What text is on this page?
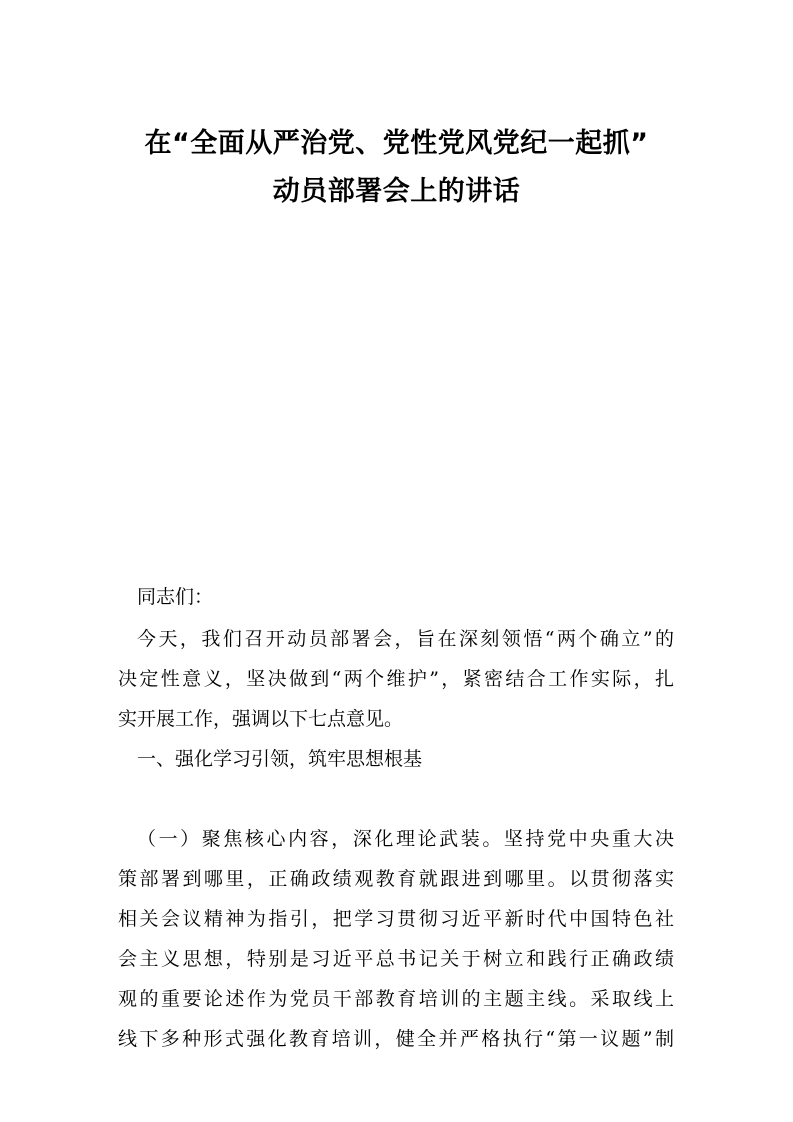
在“全面从严治党、党性党风党纪一起抓”
动员部署会上的讲话

同志们：

今天，我们召开动员部署会，旨在深刻领悟“两个确立”的
决定性意义，坚决做到“两个维护”，紧密结合工作实际，扎
实开展工作，强调以下七点意见。

一、强化学习引领，筑牢思想根基

（一）聚焦核心内容，深化理论武装。坚持党中央重大决
策部署到哪里，正确政绩观教育就跟进到哪里。以贯彻落实
相关会议精神为指引，把学习贯彻习近平新时代中国特色社
会主义思想，特别是习近平总书记关于树立和践行正确政绩
观的重要论述作为党员干部教育培训的主题主线。采取线上
线下多种形式强化教育培训，健全并严格执行“第一议题”制
